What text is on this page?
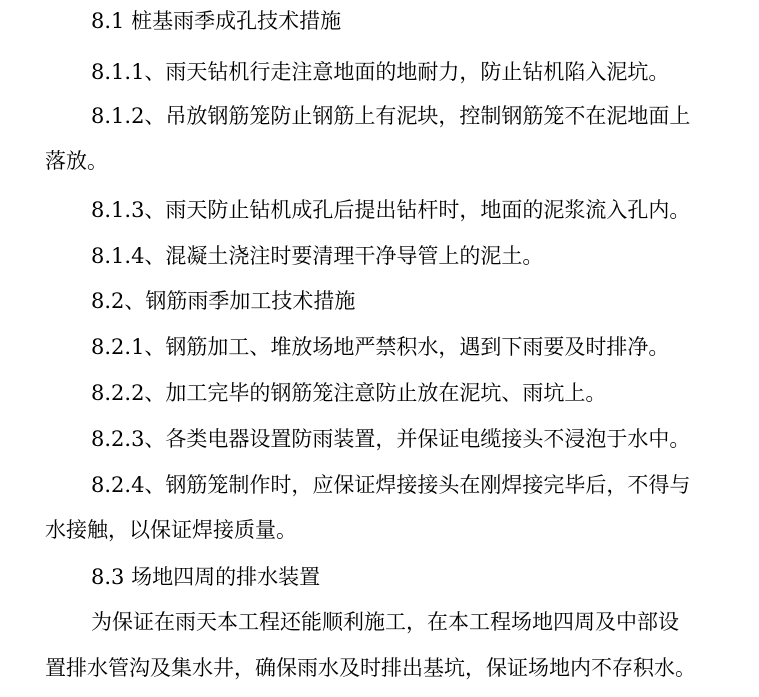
8.1 桩基雨季成孔技术措施
8.1.1、雨天钻机行走注意地面的地耐力，防止钻机陷入泥坑。
8.1.2、吊放钢筋笼防止钢筋上有泥块，控制钢筋笼不在泥地面上
落放。
8.1.3、雨天防止钻机成孔后提出钻杆时，地面的泥浆流入孔内。
8.1.4、混凝土浇注时要清理干净导管上的泥土。
8.2、钢筋雨季加工技术措施
8.2.1、钢筋加工、堆放场地严禁积水，遇到下雨要及时排净。
8.2.2、加工完毕的钢筋笼注意防止放在泥坑、雨坑上。
8.2.3、各类电器设置防雨装置，并保证电缆接头不浸泡于水中。
8.2.4、钢筋笼制作时，应保证焊接接头在刚焊接完毕后，不得与
水接触，以保证焊接质量。
8.3 场地四周的排水装置
为保证在雨天本工程还能顺利施工，在本工程场地四周及中部设
置排水管沟及集水井，确保雨水及时排出基坑，保证场地内不存积水。
